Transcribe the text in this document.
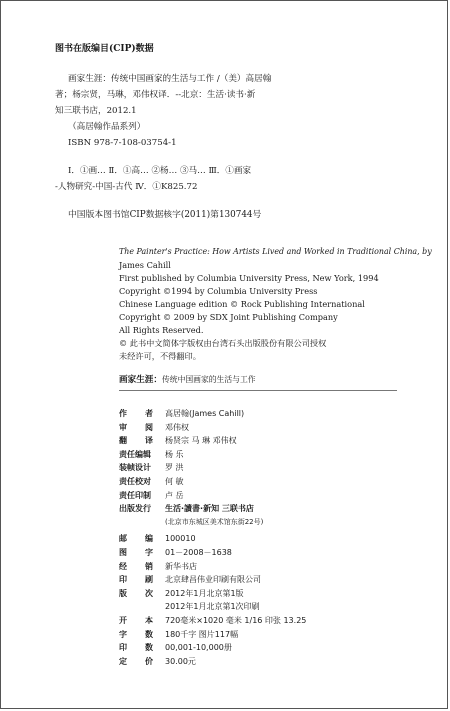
图书在版编目(CIP)数据
画家生涯：传统中国画家的生活与工作 /（美）高居翰
著；杨宗贤，马琳，邓伟权译．--北京：生活·读书·新
知三联书店，2012.1
（高居翰作品系列）
ISBN 978-7-108-03754-1
Ⅰ．①画… Ⅱ．①高… ②杨… ③马… Ⅲ．①画家
-人物研究-中国-古代 Ⅳ．①K825.72
中国版本图书馆CIP数据核字(2011)第130744号
The Painter's Practice: How Artists Lived and Worked in Traditional China, by
James Cahill
First published by Columbia University Press, New York, 1994
Copyright ©1994 by Columbia University Press
Chinese Language edition © Rock Publishing International
Copyright © 2009 by SDX Joint Publishing Company
All Rights Reserved.
© 此书中文简体字版权由台湾石头出版股份有限公司授权
未经许可，不得翻印。
画家生涯：传统中国画家的生活与工作
作 者 高居翰(James Cahill)
审 阅 邓伟权
翻 译 杨贤宗 马 琳 邓伟权
责任编辑 杨 乐
装帧设计 罗 洪
责任校对 何 敏
责任印制 卢 岳
出版发行 生活·讀書·新知 三联书店
(北京市东城区美术馆东街22号)
邮 编 100010
图 字 01－2008－1638
经 销 新华书店
印 刷 北京肆昌伟业印刷有限公司
版 次 2012年1月北京第1版
2012年1月北京第1次印刷
开 本 720毫米×1020 毫米 1/16 印张 13.25
字 数 180千字 图片117幅
印 数 00,001-10,000册
定 价 30.00元
